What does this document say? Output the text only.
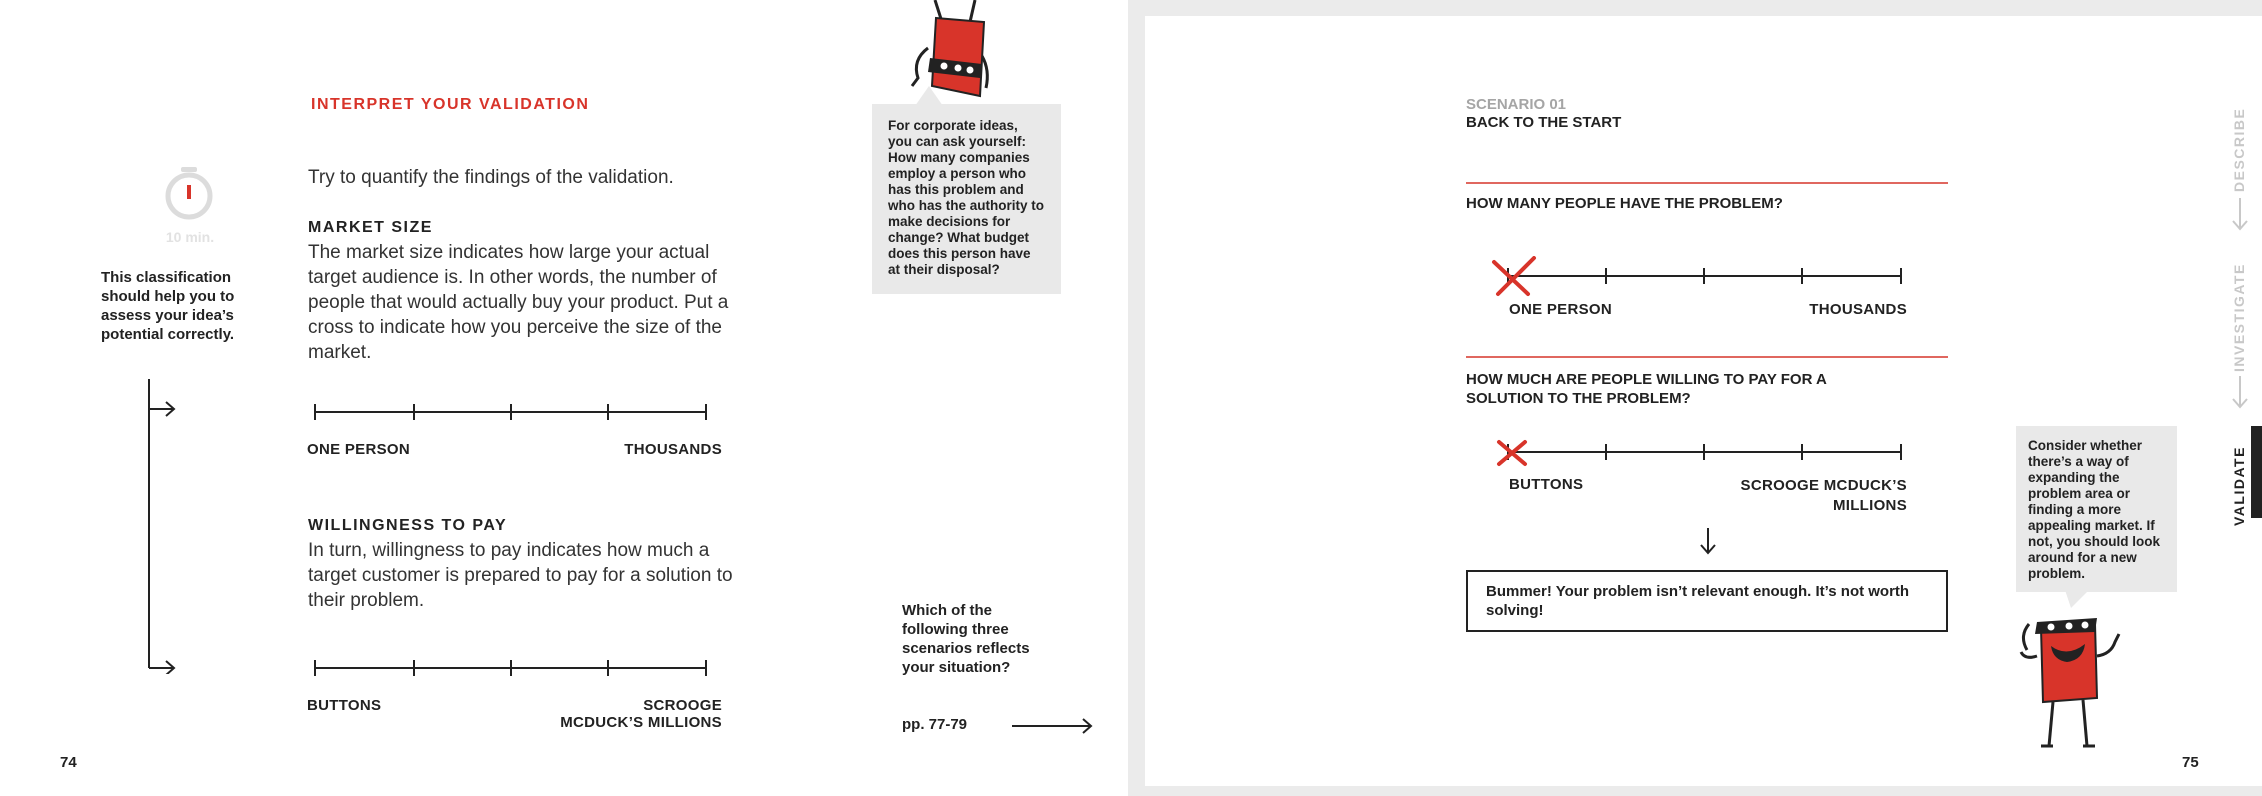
INTERPRET YOUR VALIDATION
10 min.
This classification should help you to assess your idea’s potential correctly.
Try to quantify the findings of the validation.
MARKET SIZE
The market size indicates how large your actual target audience is. In other words, the number of people that would actually buy your product. Put a cross to indicate how you perceive the size of the market.
ONE PERSON	THOUSANDS
WILLINGNESS TO PAY
In turn, willingness to pay indicates how much a target customer is prepared to pay for a solution to their problem.
BUTTONS	SCROOGE
MCDUCK’S MILLIONS
For corporate ideas, you can ask yourself: How many companies employ a person who has this problem and who has the authority to make decisions for change? What budget does this person have at their disposal?
Which of the following three scenarios reflects your situation?
pp. 77-79
74
SCENARIO 01
BACK TO THE START
HOW MANY PEOPLE HAVE THE PROBLEM?
ONE PERSON	THOUSANDS
HOW MUCH ARE PEOPLE WILLING TO PAY FOR A
SOLUTION TO THE PROBLEM?
BUTTONS	SCROOGE MCDUCK’S
MILLIONS
Bummer! Your problem isn’t relevant enough. It’s not worth solving!
Consider whether there’s a way of expanding the problem area or finding a more appealing market. If not, you should look around for a new problem.
DESCRIBE
INVESTIGATE
VALIDATE
75
